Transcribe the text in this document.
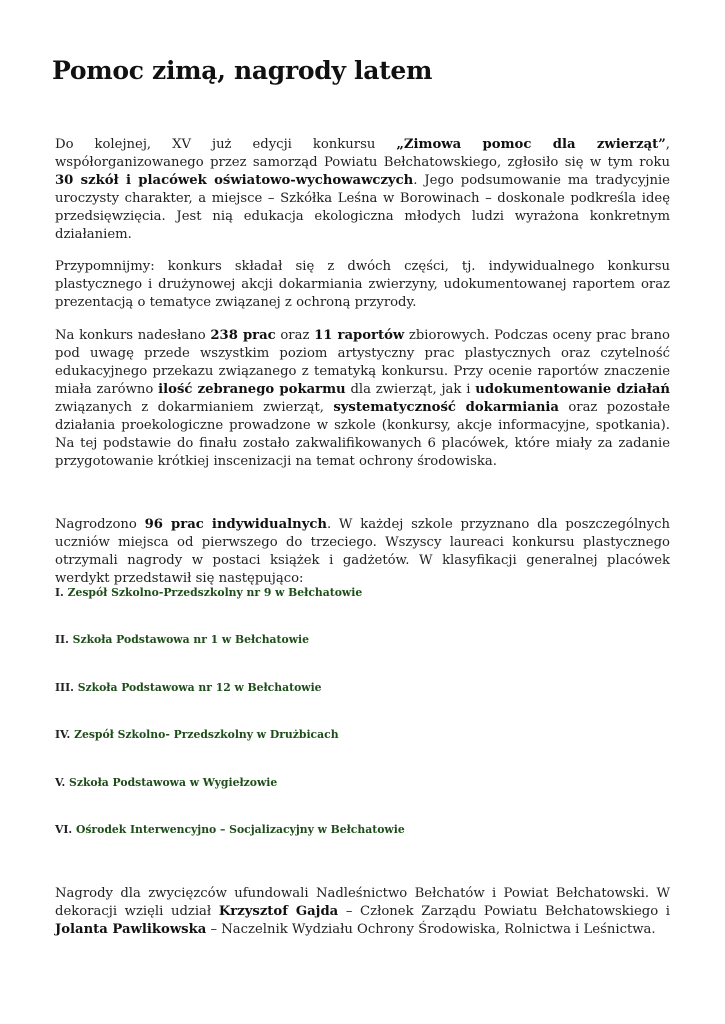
Pomoc zimą, nagrody latem

Do kolejnej, XV już edycji konkursu „Zimowa pomoc dla zwierząt”, współorganizowanego przez samorząd Powiatu Bełchatowskiego, zgłosiło się w tym roku 30 szkół i placówek oświatowo-wychowawczych. Jego podsumowanie ma tradycyjnie uroczysty charakter, a miejsce – Szkółka Leśna w Borowinach – doskonale podkreśla ideę przedsięwzięcia. Jest nią edukacja ekologiczna młodych ludzi wyrażona konkretnym działaniem.

Przypomnijmy: konkurs składał się z dwóch części, tj. indywidualnego konkursu plastycznego i drużynowej akcji dokarmiania zwierzyny, udokumentowanej raportem oraz prezentacją o tematyce związanej z ochroną przyrody.

Na konkurs nadesłano 238 prac oraz 11 raportów zbiorowych. Podczas oceny prac brano pod uwagę przede wszystkim poziom artystyczny prac plastycznych oraz czytelność edukacyjnego przekazu związanego z tematyką konkursu. Przy ocenie raportów znaczenie miała zarówno ilość zebranego pokarmu dla zwierząt, jak i udokumentowanie działań związanych z dokarmianiem zwierząt, systematyczność dokarmiania oraz pozostałe działania proekologiczne prowadzone w szkole (konkursy, akcje informacyjne, spotkania). Na tej podstawie do finału zostało zakwalifikowanych 6 placówek, które miały za zadanie przygotowanie krótkiej inscenizacji na temat ochrony środowiska.

Nagrodzono 96 prac indywidualnych. W każdej szkole przyznano dla poszczególnych uczniów miejsca od pierwszego do trzeciego. Wszyscy laureaci konkursu plastycznego otrzymali nagrody w postaci książek i gadżetów. W klasyfikacji generalnej placówek werdykt przedstawił się następująco:

I. Zespół Szkolno-Przedszkolny nr 9 w Bełchatowie
II. Szkoła Podstawowa nr 1 w Bełchatowie
III. Szkoła Podstawowa nr 12 w Bełchatowie
IV. Zespół Szkolno- Przedszkolny w Drużbicach
V. Szkoła Podstawowa w Wygiełzowie
VI. Ośrodek Interwencyjno – Socjalizacyjny w Bełchatowie

Nagrody dla zwycięzców ufundowali Nadleśnictwo Bełchatów i Powiat Bełchatowski. W dekoracji wzięli udział Krzysztof Gajda – Członek Zarządu Powiatu Bełchatowskiego i Jolanta Pawlikowska – Naczelnik Wydziału Ochrony Środowiska, Rolnictwa i Leśnictwa.
